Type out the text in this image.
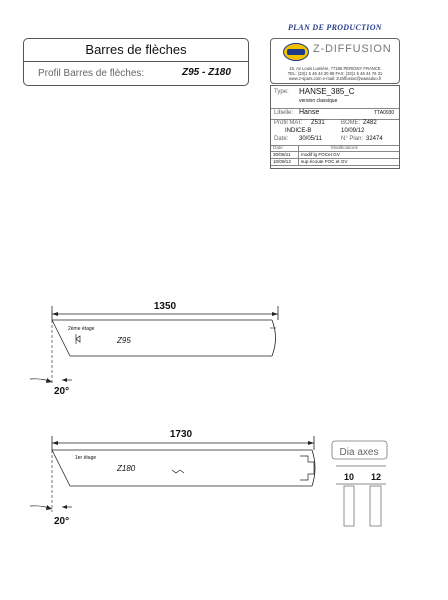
PLAN DE PRODUCTION
Barres de flèches
Profil Barres de flèches:	Z95 - Z180
Z-DIFFUSION
16, Av Louis Lumière, 77185 PERIGNY FRANCE
TEL: (33)1 5 46 44 20 88 FAX: (33)1 5 46 44 76 31
www.z-spars.com e-mail: Z.Diffusion@wanadoo.fr
Type: HANSE_385_C
version classique
Libelle: Hanse	TTA0930
Profil MAT: Z531	BOME: Z482
INDICE-B	10/09/12
Date: 30/05/11	N° Plan: 32474
Date	Modifications
30/08/11 modif lg FOCet GV
10/09/12 sup écoute FOC et GV
1350
2ème étage
Z95
20°
1730
1er étage
Z180
20°
Dia axes
10 12
